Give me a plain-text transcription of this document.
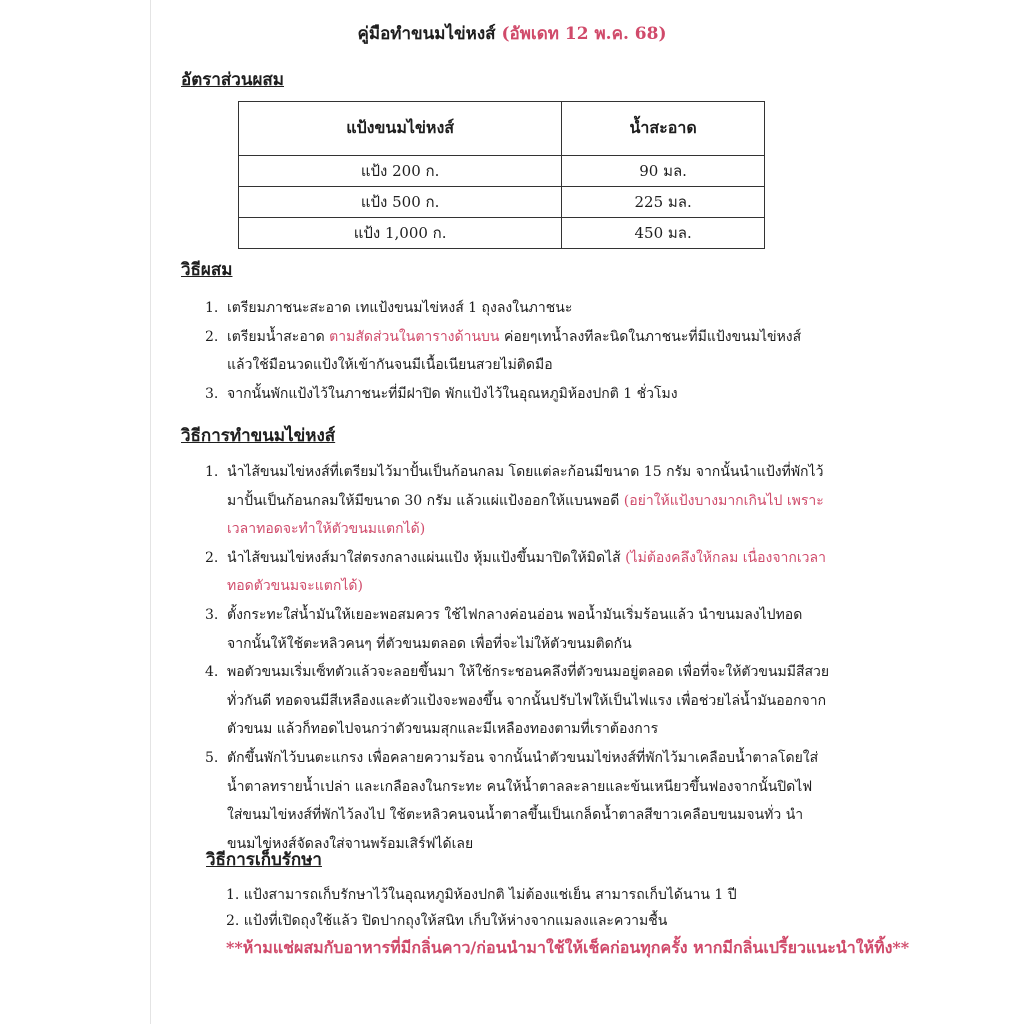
คู่มือทำขนมไข่หงส์ (อัพเดท 12 พ.ค. 68)
อัตราส่วนผสม
แป้งขนมไข่หงส์	น้ำสะอาด
แป้ง 200 ก.	90 มล.
แป้ง 500 ก.	225 มล.
แป้ง 1,000 ก.	450 มล.
วิธีผสม
1. เตรียมภาชนะสะอาด เทแป้งขนมไข่หงส์ 1 ถุงลงในภาชนะ
2. เตรียมน้ำสะอาด ตามสัดส่วนในตารางด้านบน ค่อยๆเทน้ำลงทีละนิดในภาชนะที่มีแป้งขนมไข่หงส์ แล้วใช้มือนวดแป้งให้เข้ากันจนมีเนื้อเนียนสวยไม่ติดมือ
3. จากนั้นพักแป้งไว้ในภาชนะที่มีฝาปิด พักแป้งไว้ในอุณหภูมิห้องปกติ 1 ชั่วโมง
วิธีการทำขนมไข่หงส์
1. นำไส้ขนมไข่หงส์ที่เตรียมไว้มาปั้นเป็นก้อนกลม โดยแต่ละก้อนมีขนาด 15 กรัม จากนั้นนำแป้งที่พักไว้ มาปั้นเป็นก้อนกลมให้มีขนาด 30 กรัม แล้วแผ่แป้งออกให้แบนพอดี (อย่าให้แป้งบางมากเกินไป เพราะเวลาทอดจะทำให้ตัวขนมแตกได้)
2. นำไส้ขนมไข่หงส์มาใส่ตรงกลางแผ่นแป้ง หุ้มแป้งขึ้นมาปิดให้มิดไส้ (ไม่ต้องคลึงให้กลม เนื่องจากเวลาทอดตัวขนมจะแตกได้)
3. ตั้งกระทะใส่น้ำมันให้เยอะพอสมควร ใช้ไฟกลางค่อนอ่อน พอน้ำมันเริ่มร้อนแล้ว นำขนมลงไปทอด จากนั้นให้ใช้ตะหลิวคนๆ ที่ตัวขนมตลอด เพื่อที่จะไม่ให้ตัวขนมติดกัน
4. พอตัวขนมเริ่มเซ็ทตัวแล้วจะลอยขึ้นมา ให้ใช้กระชอนคลึงที่ตัวขนมอยู่ตลอด เพื่อที่จะให้ตัวขนมมีสีสวยทั่วกันดี ทอดจนมีสีเหลืองและตัวแป้งจะพองขึ้น จากนั้นปรับไฟให้เป็นไฟแรง เพื่อช่วยไล่น้ำมันออกจากตัวขนม แล้วก็ทอดไปจนกว่าตัวขนมสุกและมีเหลืองทองตามที่เราต้องการ
5. ตักขึ้นพักไว้บนตะแกรง เพื่อคลายความร้อน จากนั้นนำตัวขนมไข่หงส์ที่พักไว้มาเคลือบน้ำตาลโดยใส่น้ำตาลทรายน้ำเปล่า และเกลือลงในกระทะ คนให้น้ำตาลละลายและข้นเหนียวขึ้นฟองจากนั้นปิดไฟ ใส่ขนมไข่หงส์ที่พักไว้ลงไป ใช้ตะหลิวคนจนน้ำตาลขึ้นเป็นเกล็ดน้ำตาลสีขาวเคลือบขนมจนทั่ว นำขนมไข่หงส์จัดลงใส่จานพร้อมเสิร์ฟได้เลย
วิธีการเก็บรักษา
1. แป้งสามารถเก็บรักษาไว้ในอุณหภูมิห้องปกติ ไม่ต้องแช่เย็น สามารถเก็บได้นาน 1 ปี
2. แป้งที่เปิดถุงใช้แล้ว ปิดปากถุงให้สนิท เก็บให้ห่างจากแมลงและความชื้น
**ห้ามแช่ผสมกับอาหารที่มีกลิ่นคาว/ก่อนนำมาใช้ให้เช็คก่อนทุกครั้ง หากมีกลิ่นเปรี้ยวแนะนำให้ทิ้ง**
